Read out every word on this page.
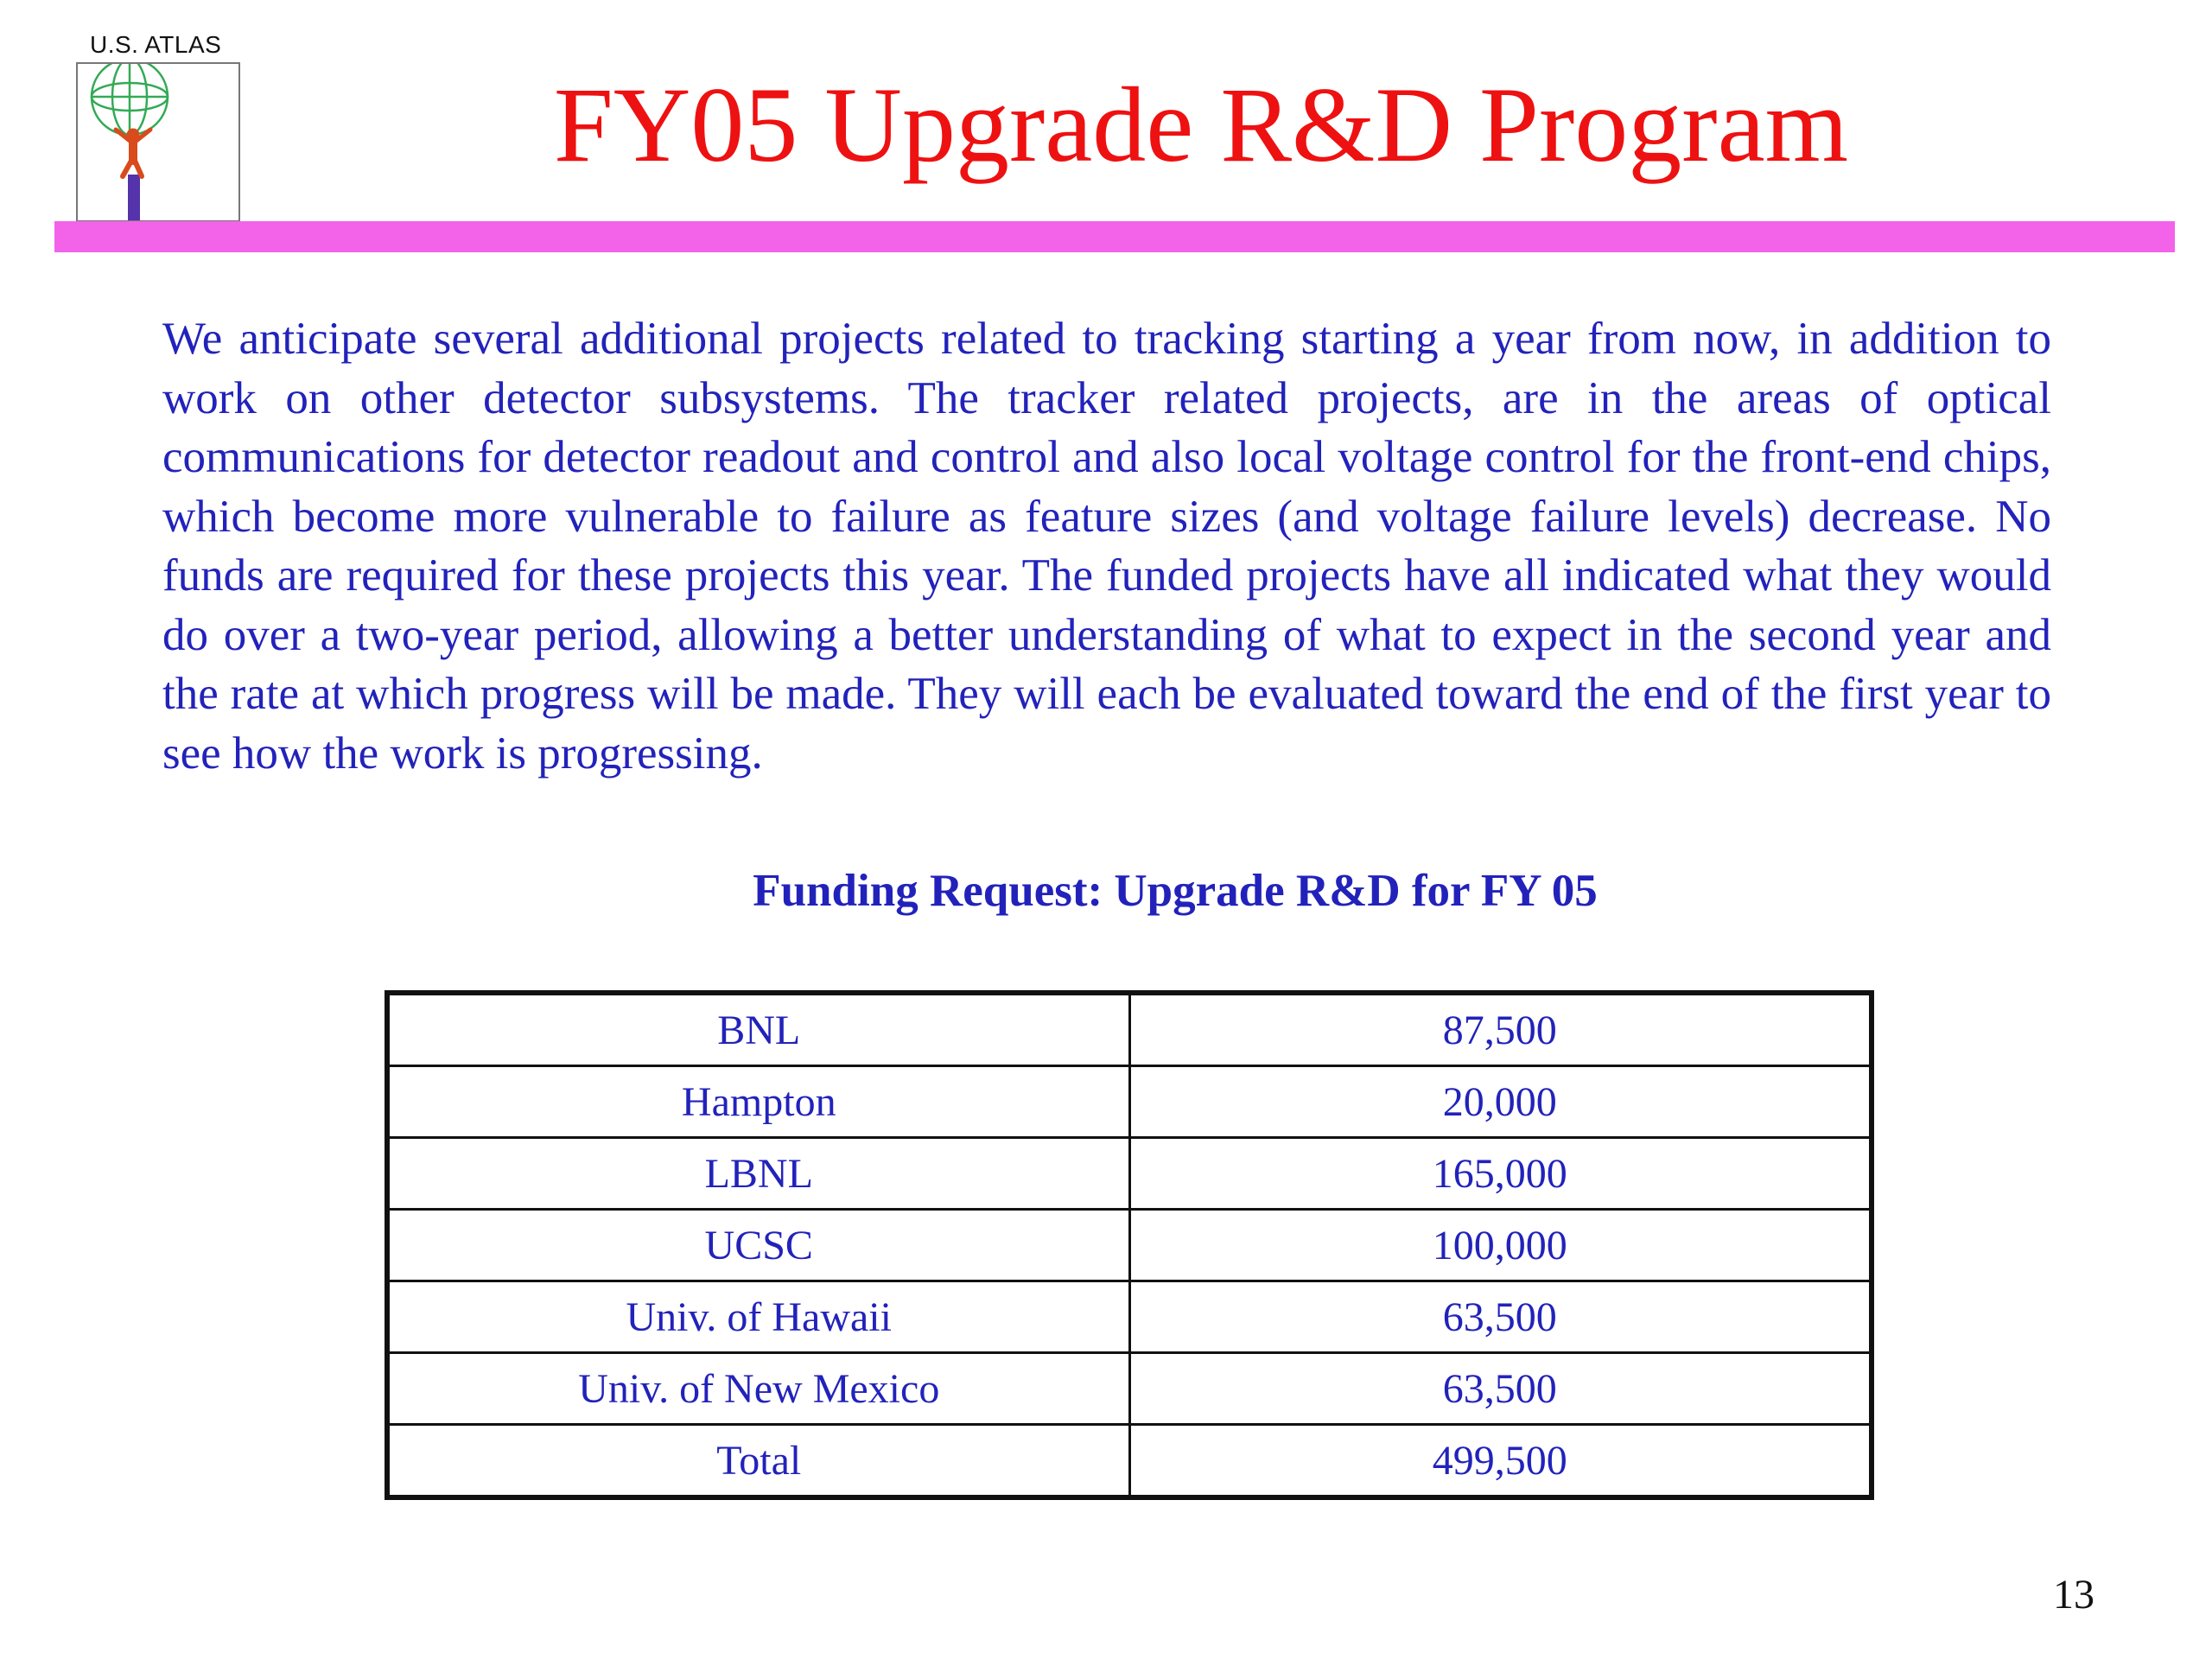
U.S. ATLAS
FY05 Upgrade R&D Program

We anticipate several additional projects related to tracking starting a year from now, in addition to work on other detector subsystems. The tracker related projects, are in the areas of optical communications for detector readout and control and also local voltage control for the front-end chips, which become more vulnerable to failure as feature sizes (and voltage failure levels) decrease. No funds are required for these projects this year. The funded projects have all indicated what they would do over a two-year period, allowing a better understanding of what to expect in the second year and the rate at which progress will be made. They will each be evaluated toward the end of the first year to see how the work is progressing.

Funding Request: Upgrade R&D for FY 05

BNL	87,500
Hampton	20,000
LBNL	165,000
UCSC	100,000
Univ. of Hawaii	63,500
Univ. of New Mexico	63,500
Total	499,500
13
